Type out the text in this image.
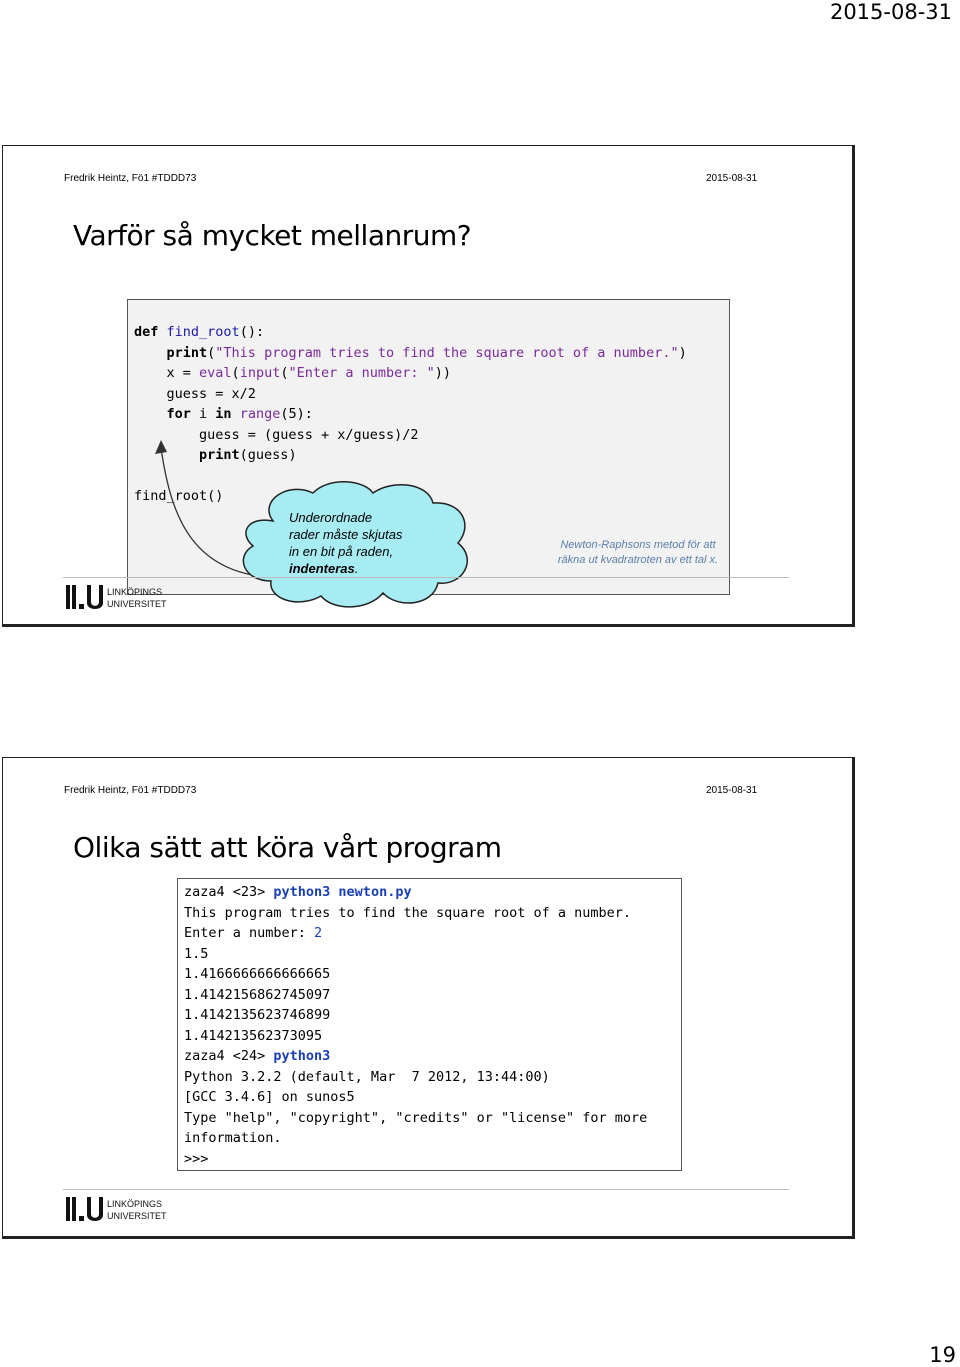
2015-08-31
Fredrik Heintz, Fö1 #TDDD73	2015-08-31
Varför så mycket mellanrum?
def find_root():
print("This program tries to find the square root of a number.")
x = eval(input("Enter a number: "))
guess = x/2
for i in range(5):
guess = (guess + x/guess)/2
print(guess)

find_root()
Underordnade
rader måste skjutas
in en bit på raden,
indenteras.
Newton-Raphsons metod för att
räkna ut kvadratroten av ett tal x.
LINKÖPINGS
UNIVERSITET
Fredrik Heintz, Fö1 #TDDD73	2015-08-31
Olika sätt att köra vårt program
zaza4 <23> python3 newton.py
This program tries to find the square root of a number.
Enter a number: 2
1.5
1.4166666666666665
1.4142156862745097
1.4142135623746899
1.414213562373095
zaza4 <24> python3
Python 3.2.2 (default, Mar  7 2012, 13:44:00)
[GCC 3.4.6] on sunos5
Type "help", "copyright", "credits" or "license" for more
information.
>>>
LINKÖPINGS
UNIVERSITET
19
